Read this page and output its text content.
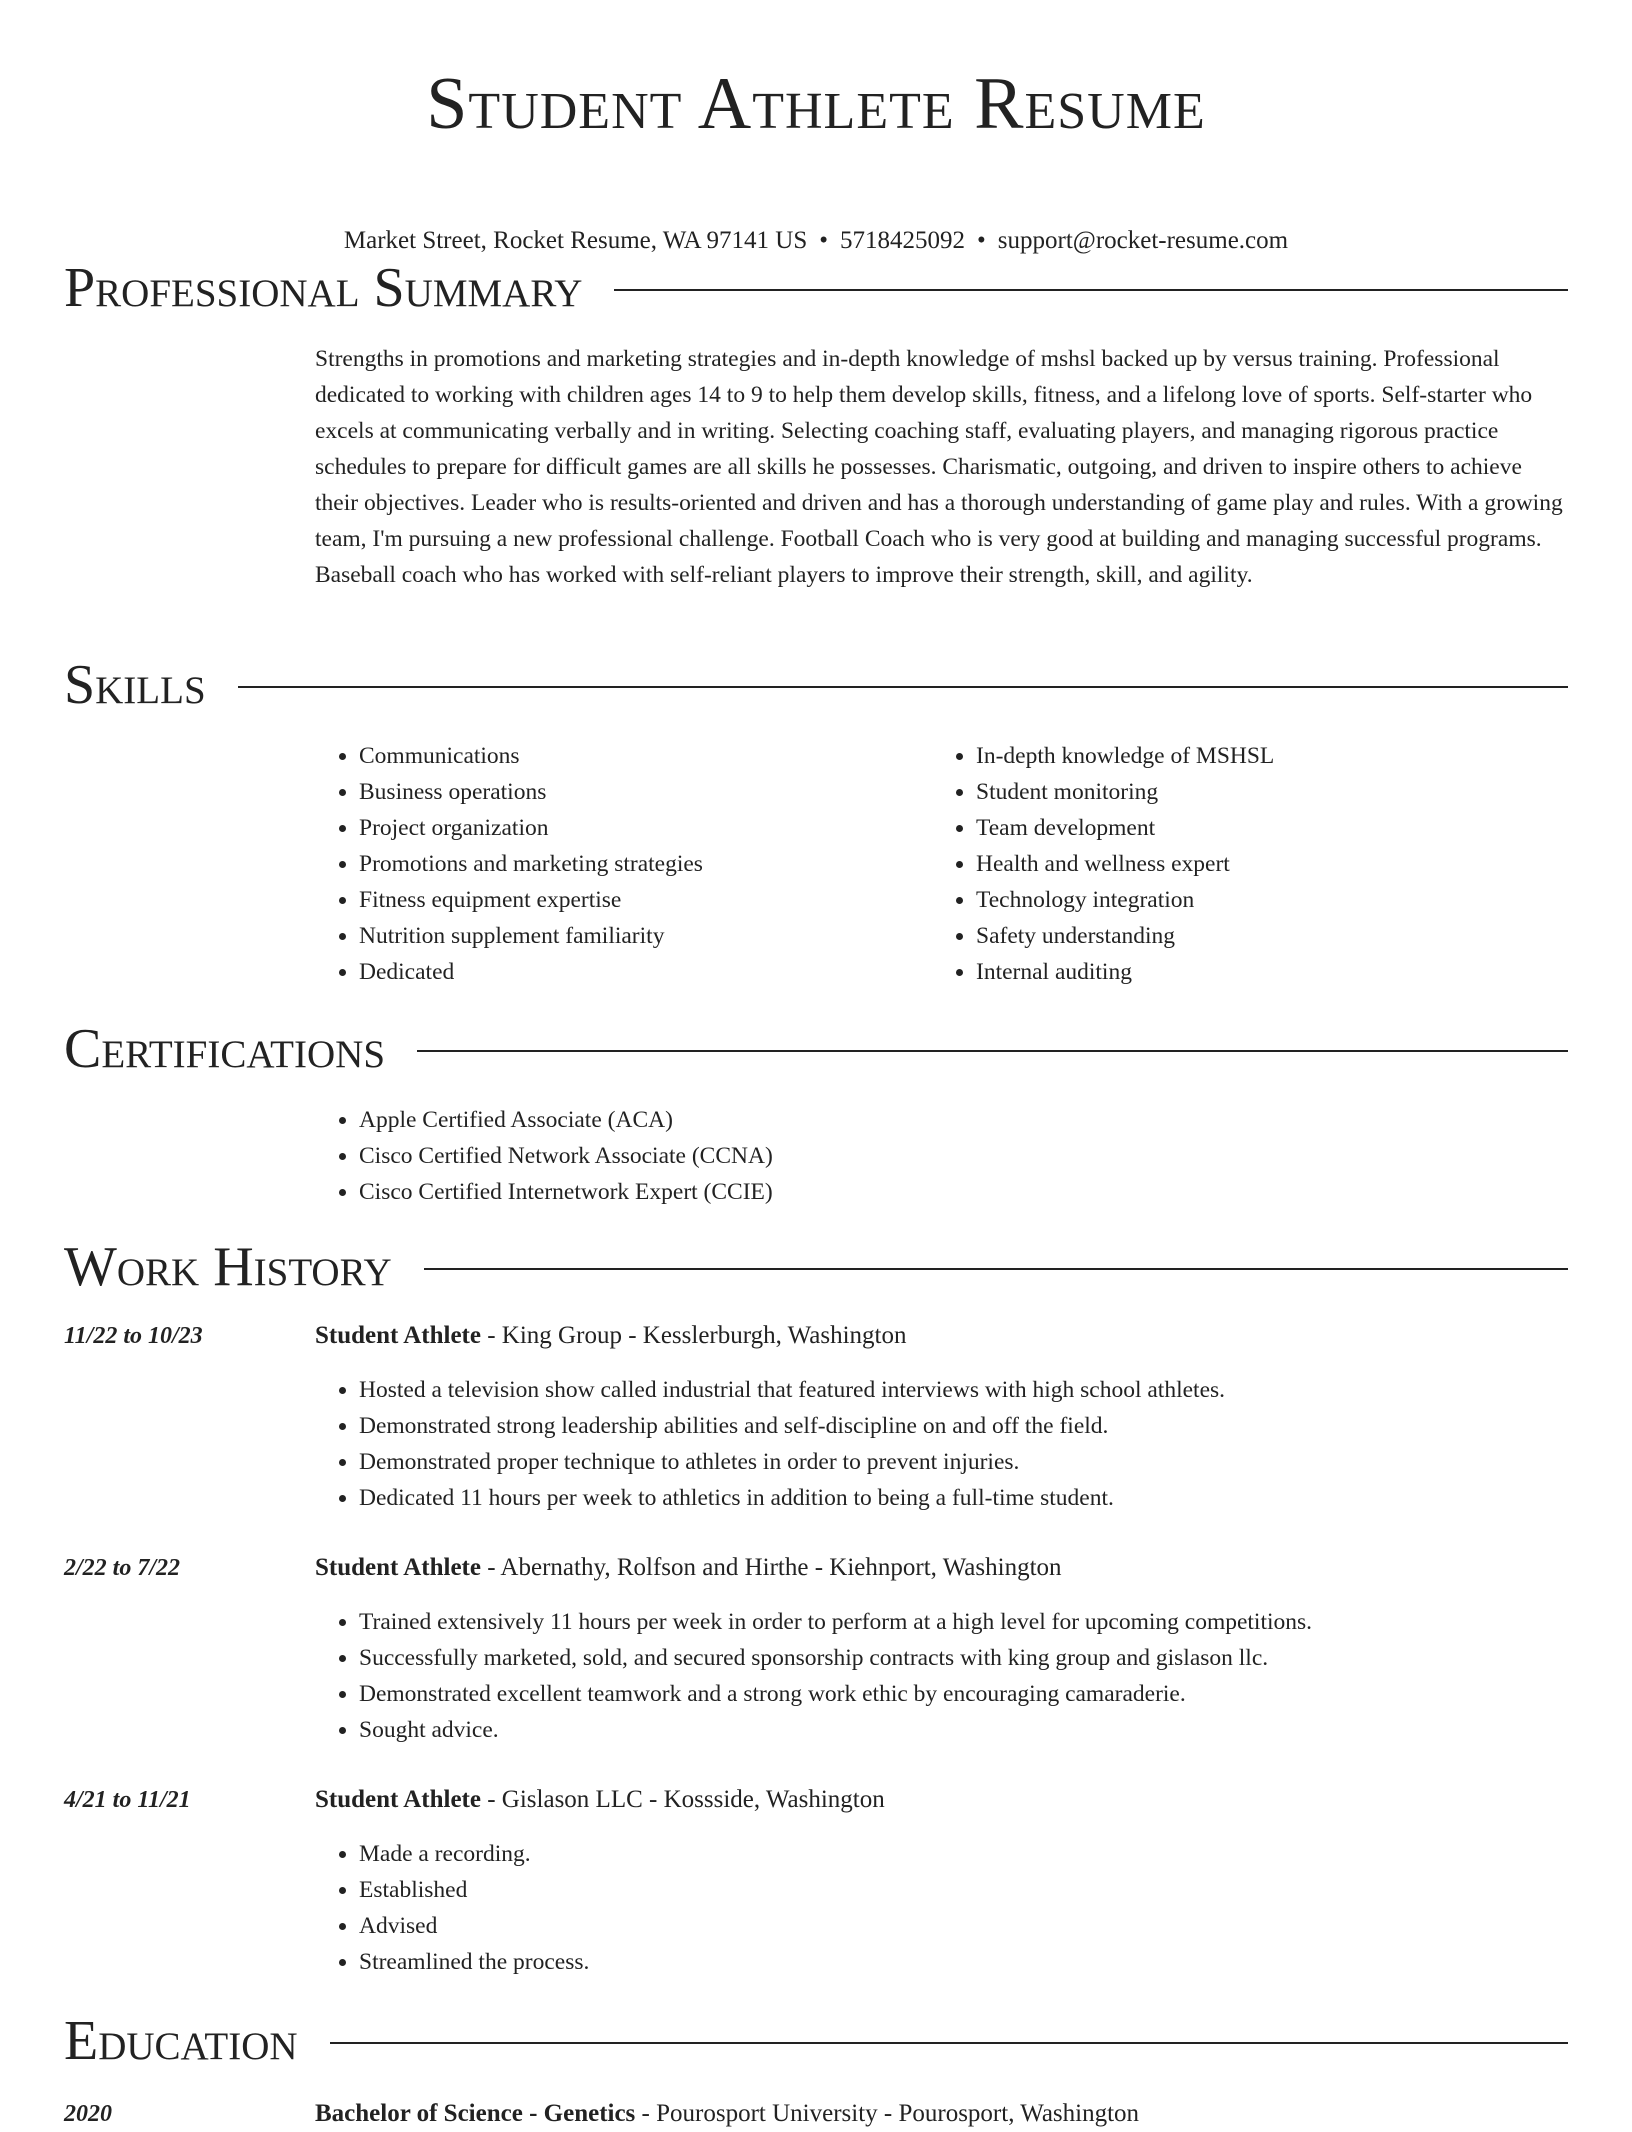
Student Athlete Resume
Market Street, Rocket Resume, WA 97141 US • 5718425092 • support@rocket-resume.com
Professional Summary
Strengths in promotions and marketing strategies and in-depth knowledge of mshsl backed up by versus training. Professional dedicated to working with children ages 14 to 9 to help them develop skills, fitness, and a lifelong love of sports. Self-starter who excels at communicating verbally and in writing. Selecting coaching staff, evaluating players, and managing rigorous practice schedules to prepare for difficult games are all skills he possesses. Charismatic, outgoing, and driven to inspire others to achieve their objectives. Leader who is results-oriented and driven and has a thorough understanding of game play and rules. With a growing team, I'm pursuing a new professional challenge. Football Coach who is very good at building and managing successful programs. Baseball coach who has worked with self-reliant players to improve their strength, skill, and agility.
Skills
• Communications
• Business operations
• Project organization
• Promotions and marketing strategies
• Fitness equipment expertise
• Nutrition supplement familiarity
• Dedicated
• In-depth knowledge of MSHSL
• Student monitoring
• Team development
• Health and wellness expert
• Technology integration
• Safety understanding
• Internal auditing
Certifications
• Apple Certified Associate (ACA)
• Cisco Certified Network Associate (CCNA)
• Cisco Certified Internetwork Expert (CCIE)
Work History
11/22 to 10/23	Student Athlete - King Group - Kesslerburgh, Washington
• Hosted a television show called industrial that featured interviews with high school athletes.
• Demonstrated strong leadership abilities and self-discipline on and off the field.
• Demonstrated proper technique to athletes in order to prevent injuries.
• Dedicated 11 hours per week to athletics in addition to being a full-time student.
2/22 to 7/22	Student Athlete - Abernathy, Rolfson and Hirthe - Kiehnport, Washington
• Trained extensively 11 hours per week in order to perform at a high level for upcoming competitions.
• Successfully marketed, sold, and secured sponsorship contracts with king group and gislason llc.
• Demonstrated excellent teamwork and a strong work ethic by encouraging camaraderie.
• Sought advice.
4/21 to 11/21	Student Athlete - Gislason LLC - Kossside, Washington
• Made a recording.
• Established
• Advised
• Streamlined the process.
Education
2020	Bachelor of Science - Genetics - Pourosport University - Pourosport, Washington
